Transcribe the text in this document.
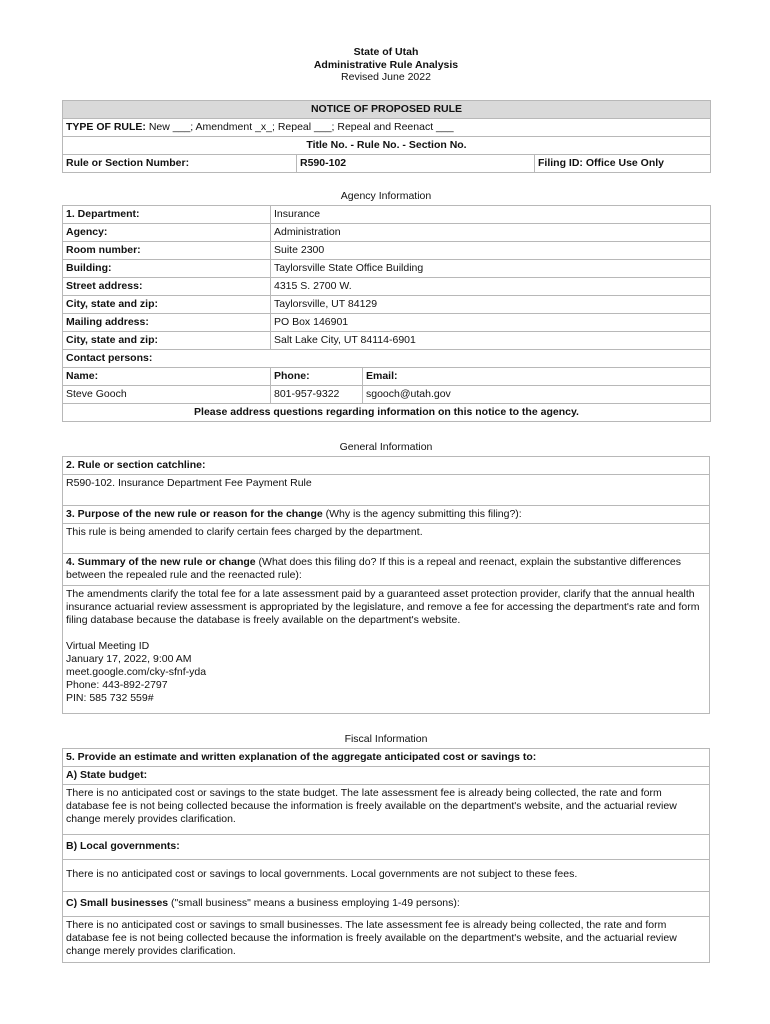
State of Utah
Administrative Rule Analysis
Revised June 2022
NOTICE OF PROPOSED RULE
TYPE OF RULE: New ___; Amendment _x_; Repeal ___; Repeal and Reenact ___
Title No. - Rule No. - Section No.
Rule or Section Number:	R590-102	Filing ID: Office Use Only
Agency Information
1. Department:	Insurance	
Agency:	Administration	
Room number:	Suite 2300	
Building:	Taylorsville State Office Building	
Street address:	4315 S. 2700 W.	
City, state and zip:	Taylorsville, UT 84129	
Mailing address:	PO Box 146901	
City, state and zip:	Salt Lake City, UT 84114-6901	
Contact persons:		
Name:	Phone:	Email:
Steve Gooch	801-957-9322	sgooch@utah.gov
Please address questions regarding information on this notice to the agency.		
General Information
2. Rule or section catchline:
R590-102. Insurance Department Fee Payment Rule
3. Purpose of the new rule or reason for the change (Why is the agency submitting this filing?):
This rule is being amended to clarify certain fees charged by the department.
4. Summary of the new rule or change (What does this filing do? If this is a repeal and reenact, explain the substantive differences between the repealed rule and the reenacted rule):

The amendments clarify the total fee for a late assessment paid by a guaranteed asset protection provider, clarify that the annual health insurance actuarial review assessment is appropriated by the legislature, and remove a fee for accessing the department's rate and form filing database because the database is freely available on the department's website.
Virtual Meeting ID
January 17, 2022, 9:00 AM
meet.google.com/cky-sfnf-yda
Phone: 443-892-2797
PIN: 585 732 559#
Fiscal Information
5. Provide an estimate and written explanation of the aggregate anticipated cost or savings to:
A) State budget:
There is no anticipated cost or savings to the state budget. The late assessment fee is already being collected, the rate and form database fee is not being collected because the information is freely available on the department's website, and the actuarial review change merely provides clarification.
B) Local governments:
There is no anticipated cost or savings to local governments. Local governments are not subject to these fees.
C) Small businesses ("small business" means a business employing 1-49 persons):
There is no anticipated cost or savings to small businesses. The late assessment fee is already being collected, the rate and form database fee is not being collected because the information is freely available on the department's website, and the actuarial review change merely provides clarification.
